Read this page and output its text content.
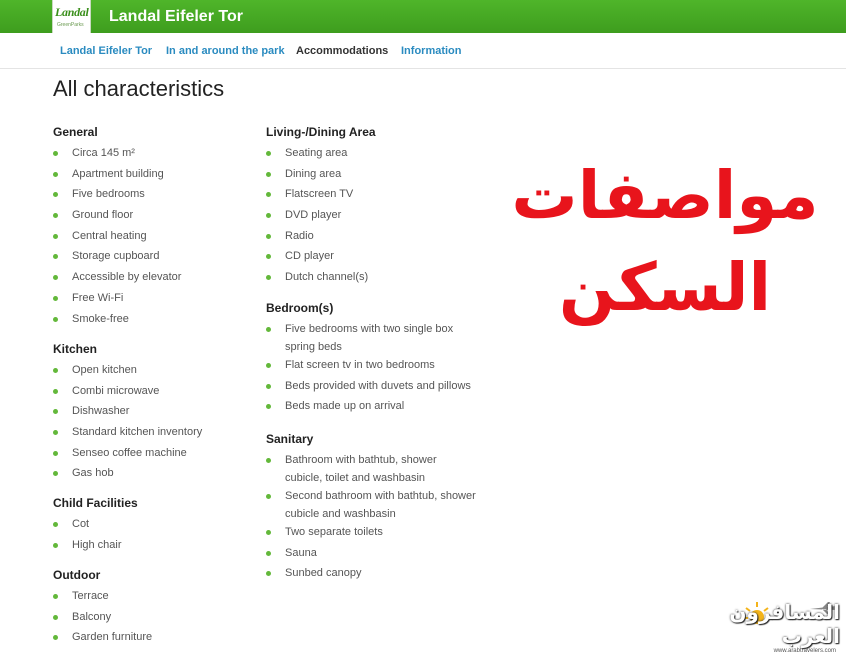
Landal
GreenParks Landal Eifeler Tor
Landal Eifeler Tor In and around the park Accommodations Information
All characteristics
General
Circa 145 m²
Apartment building
Five bedrooms
Ground floor
Central heating
Storage cupboard
Accessible by elevator
Free Wi-Fi
Smoke-free
Kitchen
Open kitchen
Combi microwave
Dishwasher
Standard kitchen inventory
Senseo coffee machine
Gas hob
Child Facilities
Cot
High chair
Outdoor
Terrace
Balcony
Garden furniture
Living-/Dining Area
Seating area
Dining area
Flatscreen TV
DVD player
Radio
CD player
Dutch channel(s)
Bedroom(s)
Five bedrooms with two single box spring beds
Flat screen tv in two bedrooms
Beds provided with duvets and pillows
Beds made up on arrival
Sanitary
Bathroom with bathtub, shower cubicle, toilet and washbasin
Second bathroom with bathtub, shower cubicle and washbasin
Two separate toilets
Sauna
Sunbed canopy
مواصفات
السكن
المسافرون العرب
www.arabtravelers.com
